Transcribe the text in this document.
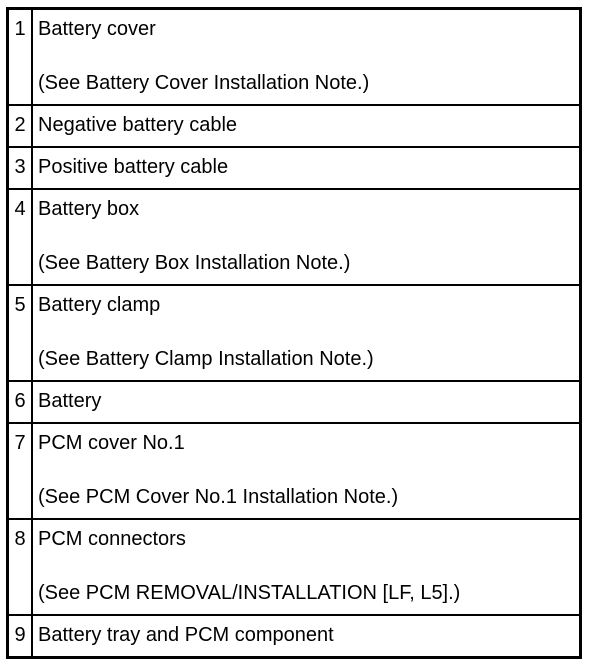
1	Battery cover
(See Battery Cover Installation Note.)

2	Negative battery cable

3	Positive battery cable

4	Battery box
(See Battery Box Installation Note.)

5	Battery clamp
(See Battery Clamp Installation Note.)

6	Battery

7	PCM cover No.1
(See PCM Cover No.1 Installation Note.)

8	PCM connectors
(See PCM REMOVAL/INSTALLATION [LF, L5].)

9	Battery tray and PCM component
